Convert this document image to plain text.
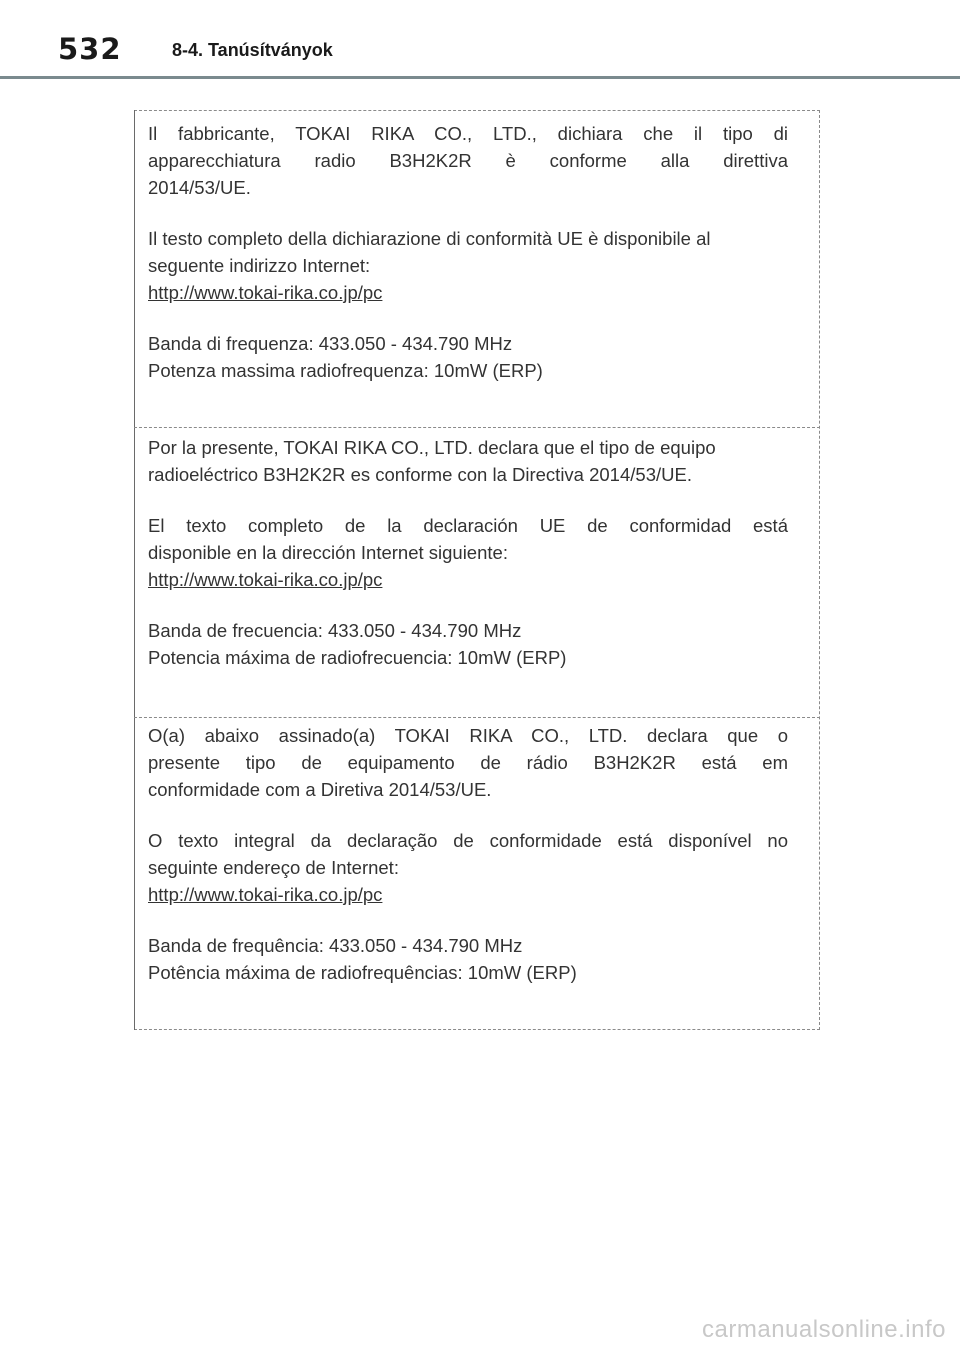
532	8-4. Tanúsítványok

Il fabbricante, TOKAI RIKA CO., LTD., dichiara che il tipo di

apparecchiatura radio B3H2K2R è conforme alla direttiva

2014/53/UE.

Il testo completo della dichiarazione di conformità UE è disponibile al

seguente indirizzo Internet:

http://www.tokai-rika.co.jp/pc

Banda di frequenza: 433.050 - 434.790 MHz

Potenza massima radiofrequenza: 10mW (ERP)

Por la presente, TOKAI RIKA CO., LTD. declara que el tipo de equipo

radioeléctrico B3H2K2R es conforme con la Directiva 2014/53/UE.

El texto completo de la declaración UE de conformidad está

disponible en la dirección Internet siguiente:

http://www.tokai-rika.co.jp/pc

Banda de frecuencia: 433.050 - 434.790 MHz

Potencia máxima de radiofrecuencia: 10mW (ERP)

O(a) abaixo assinado(a) TOKAI RIKA CO., LTD. declara que o

presente tipo de equipamento de rádio B3H2K2R está em

conformidade com a Diretiva 2014/53/UE.

O texto integral da declaração de conformidade está disponível no

seguinte endereço de Internet:

http://www.tokai-rika.co.jp/pc

Banda de frequência: 433.050 - 434.790 MHz

Potência máxima de radiofrequências: 10mW (ERP)

carmanualsonline.info
